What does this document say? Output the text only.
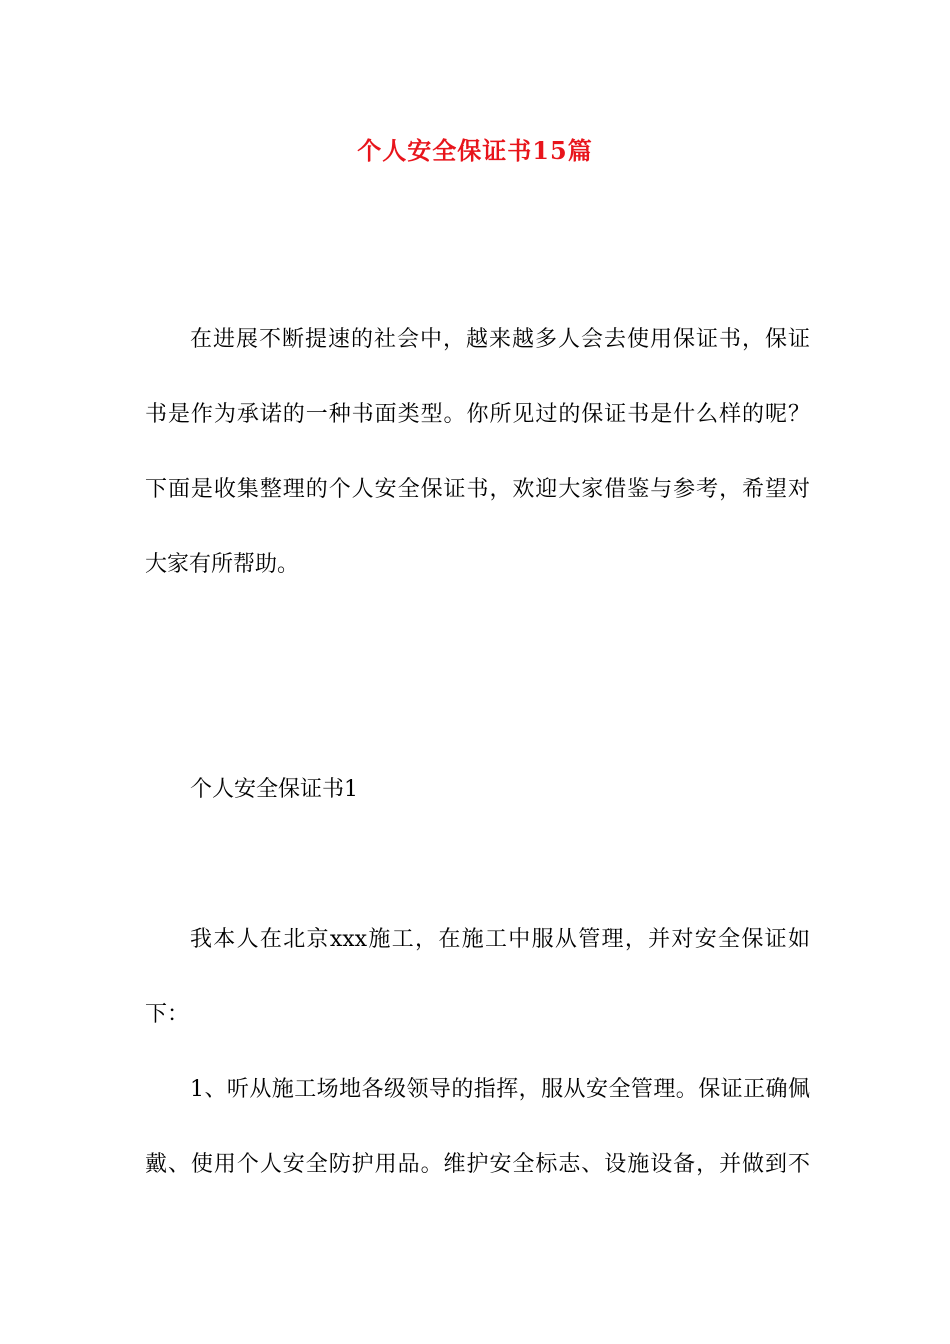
个人安全保证书15篇

在进展不断提速的社会中，越来越多人会去使用保证书，保证

书是作为承诺的一种书面类型。你所见过的保证书是什么样的呢？

下面是收集整理的个人安全保证书，欢迎大家借鉴与参考，希望对

大家有所帮助。

个人安全保证书1

我本人在北京xxx施工，在施工中服从管理，并对安全保证如

下：

1、听从施工场地各级领导的指挥，服从安全管理。保证正确佩

戴、使用个人安全防护用品。维护安全标志、设施设备，并做到不
